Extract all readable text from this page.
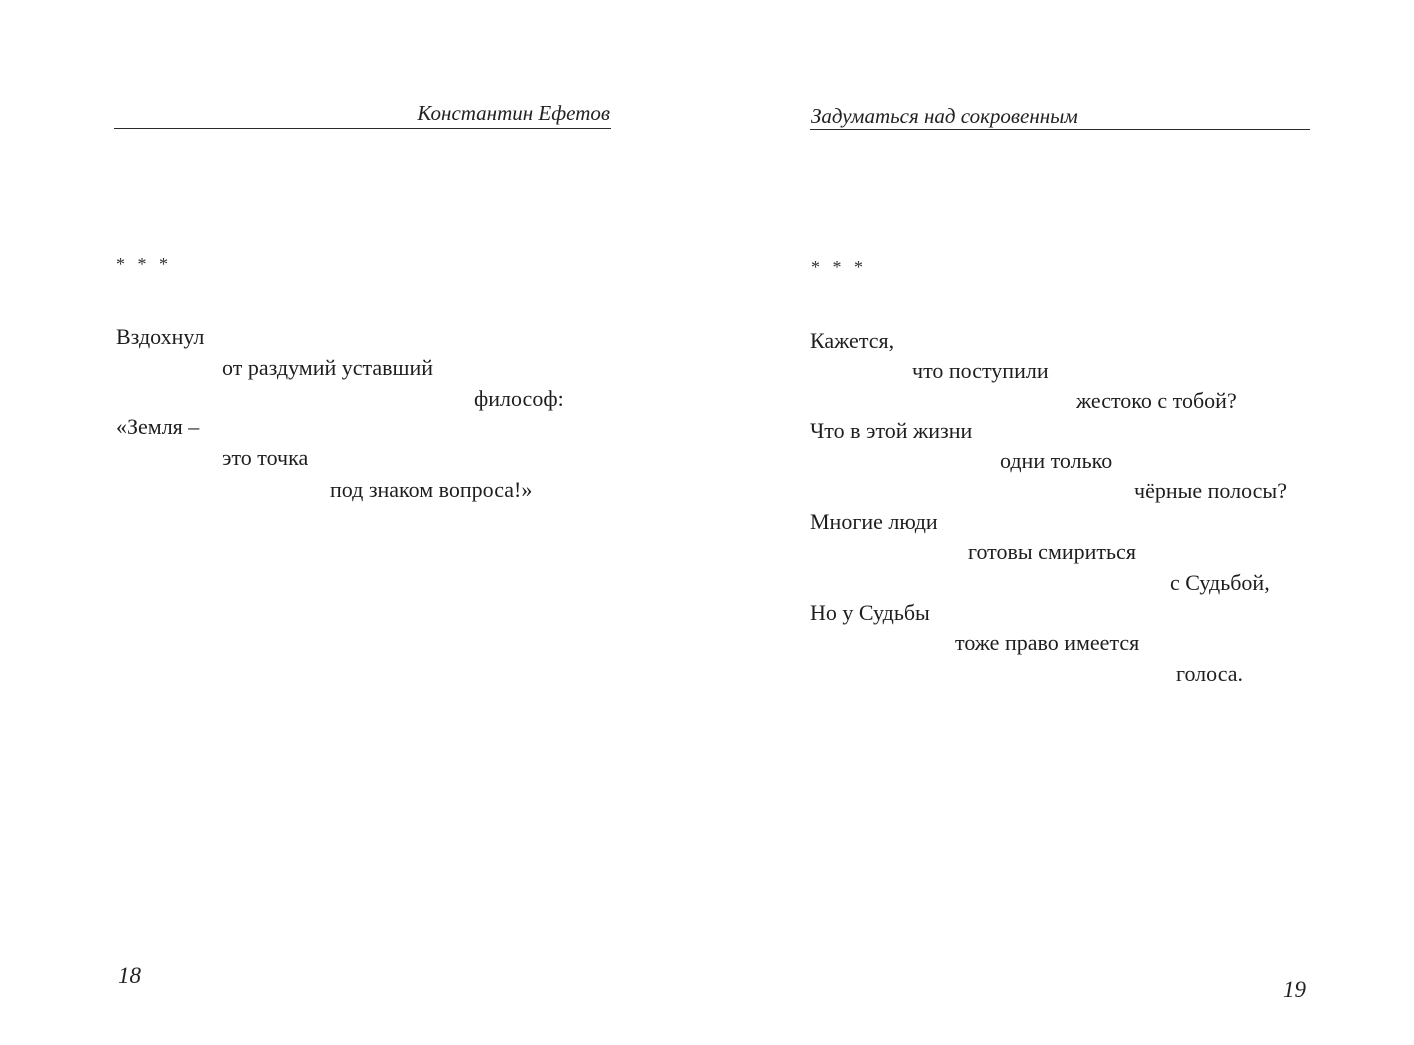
Константин Ефетов
* * *
Вздохнул
от раздумий уставший
философ:
«Земля –
это точка
под знаком вопроса!»
18
Задуматься над сокровенным
* * *
Кажется,
что поступили
жестоко с тобой?
Что в этой жизни
одни только
чёрные полосы?
Многие люди
готовы смириться
с Судьбой,
Но у Судьбы
тоже право имеется
голоса.
19
